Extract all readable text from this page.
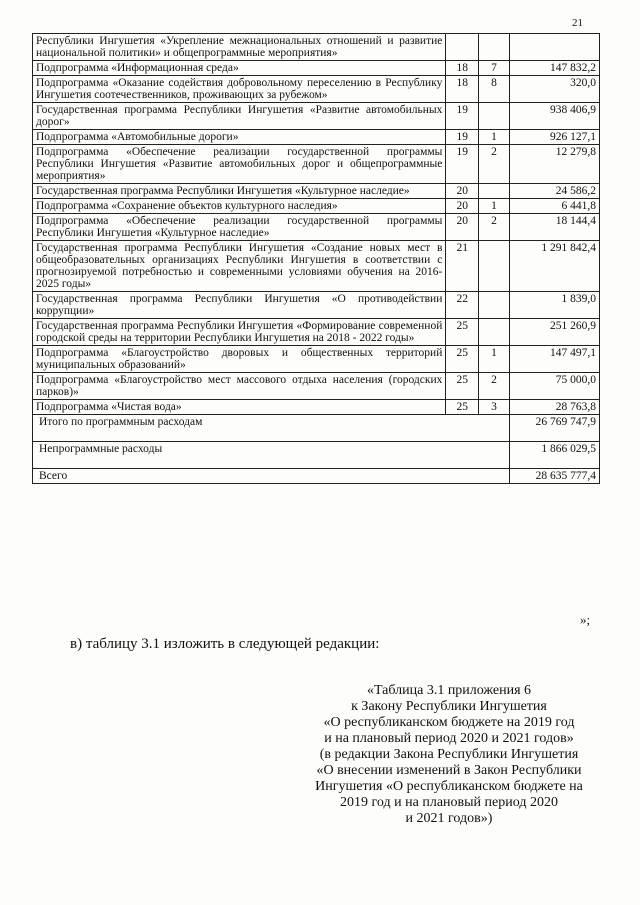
21
Республики Ингушетия «Укрепление межнациональных отношений и развитие национальной политики» и общепрограммные мероприятия»			
Подпрограмма «Информационная среда»	18	7	147 832,2
Подпрограмма «Оказание содействия добровольному переселению в Республику Ингушетия соотечественников, проживающих за рубежом»	18	8	320,0
Государственная программа Республики Ингушетия «Развитие автомобильных дорог»	19		938 406,9
Подпрограмма «Автомобильные дороги»	19	1	926 127,1
Подпрограмма «Обеспечение реализации государственной программы Республики Ингушетия «Развитие автомобильных дорог и общепрограммные мероприятия»	19	2	12 279,8
Государственная программа Республики Ингушетия «Культурное наследие»	20		24 586,2
Подпрограмма «Сохранение объектов культурного наследия»	20	1	6 441,8
Подпрограмма «Обеспечение реализации государственной программы Республики Ингушетия «Культурное наследие»	20	2	18 144,4
Государственная программа Республики Ингушетия «Создание новых мест в общеобразовательных организациях Республики Ингушетия в соответствии с прогнозируемой потребностью и современными условиями обучения на 2016-2025 годы»	21		1 291 842,4
Государственная программа Республики Ингушетия «О противодействии коррупции»	22		1 839,0
Государственная программа Республики Ингушетия «Формирование современной городской среды на территории Республики Ингушетия на 2018 - 2022 годы»	25		251 260,9
Подпрограмма «Благоустройство дворовых и общественных территорий муниципальных образований»	25	1	147 497,1
Подпрограмма «Благоустройство мест массового отдыха населения (городских парков)»	25	2	75 000,0
Подпрограмма «Чистая вода»	25	3	28 763,8
Итого по программным расходам			26 769 747,9
Непрограммные расходы			1 866 029,5
Всего			28 635 777,4
»;
в) таблицу 3.1 изложить в следующей редакции:
«Таблица 3.1 приложения 6
к Закону Республики Ингушетия
«О республиканском бюджете на 2019 год
и на плановый период 2020 и 2021 годов»
(в редакции Закона Республики Ингушетия
«О внесении изменений в Закон Республики
Ингушетия «О республиканском бюджете на
2019 год и на плановый период 2020
и 2021 годов»)
